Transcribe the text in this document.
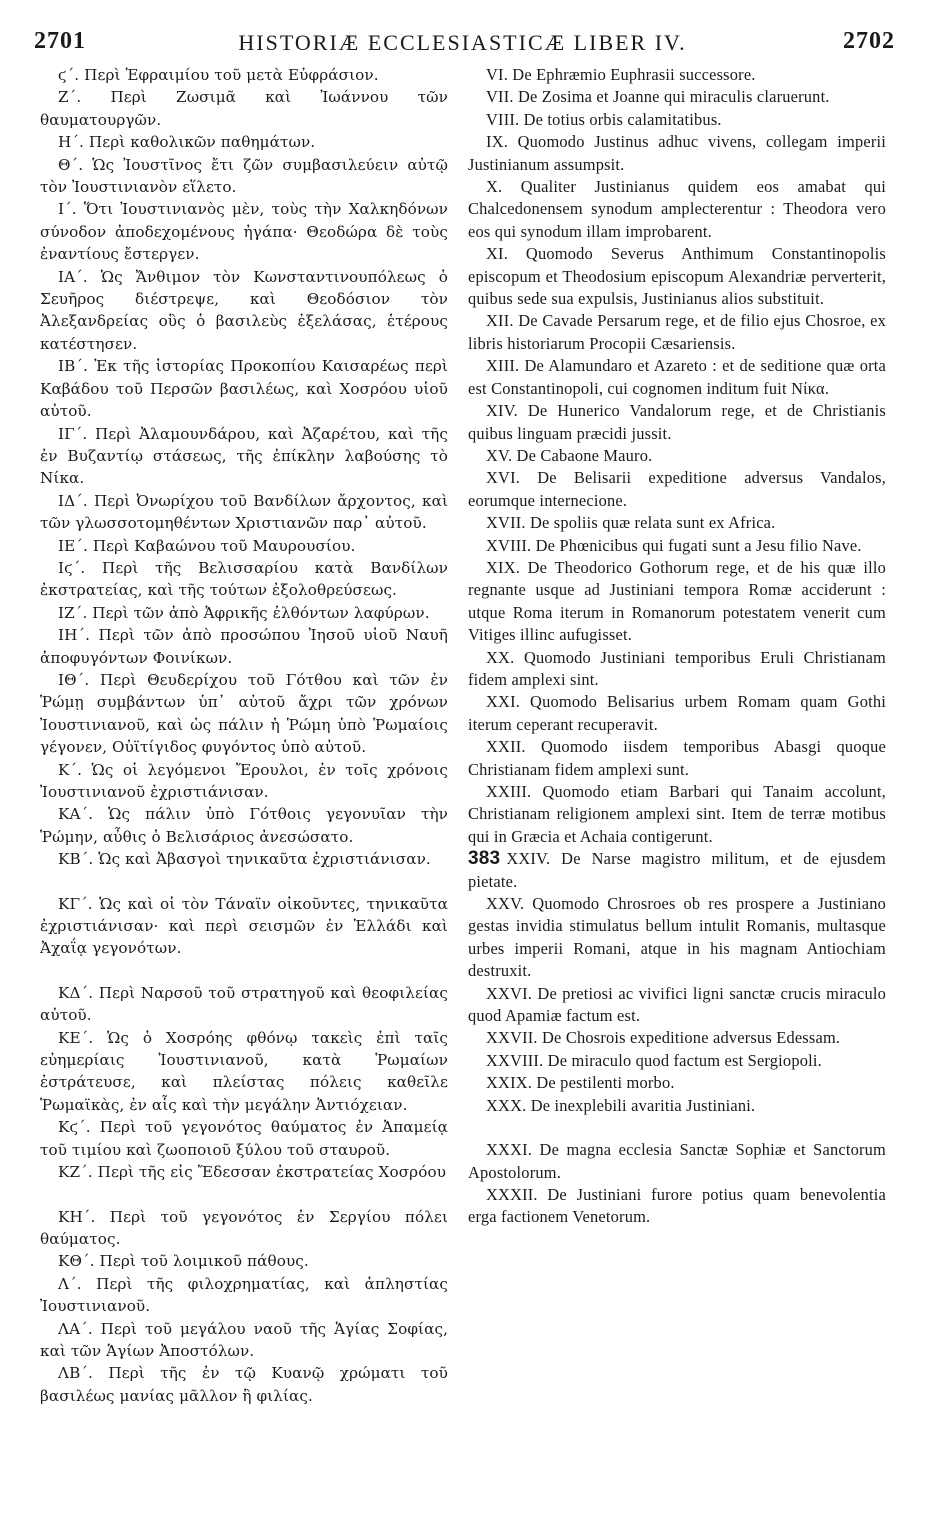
2701	HISTORIÆ ECCLESIASTICÆ LIBER IV.	2702

ϛ΄. Περὶ Ἐφραιμίου τοῦ μετὰ Εὐφράσιον.

Ζ΄. Περὶ Ζωσιμᾶ καὶ Ἰωάννου τῶν θαυματουργῶν.

Η΄. Περὶ καθολικῶν παθημάτων.

Θ΄. Ὡς Ἰουστῖνος ἔτι ζῶν συμβασιλεύειν αὐτῷ τὸν Ἰουστινιανὸν εἵλετο.

Ι΄. Ὅτι Ἰουστινιανὸς μὲν, τοὺς τὴν Χαλκηδόνων σύνοδον ἀποδεχομένους ἠγάπα· Θεοδώρα δὲ τοὺς ἐναντίους ἔστεργεν.

ΙΑ΄. Ὡς Ἄνθιμον τὸν Κωνσταντινουπόλεως ὁ Σευῆρος διέστρεψε, καὶ Θεοδόσιον τὸν Ἀλεξανδρείας οὓς ὁ βασιλεὺς ἐξελάσας, ἑτέρους κατέστησεν.

ΙΒ΄. Ἐκ τῆς ἱστορίας Προκοπίου Καισαρέως περὶ Καβάδου τοῦ Περσῶν βασιλέως, καὶ Χοσρόου υἱοῦ αὐτοῦ.

ΙΓ΄. Περὶ Ἀλαμουνδάρου, καὶ Ἀζαρέτου, καὶ τῆς ἐν Βυζαντίῳ στάσεως, τῆς ἐπίκλην λαβούσης τὸ Νίκα.

ΙΔ΄. Περὶ Ὀνωρίχου τοῦ Βανδίλων ἄρχοντος, καὶ τῶν γλωσσοτομηθέντων Χριστιανῶν παρ᾽ αὐτοῦ.

ΙΕ΄. Περὶ Καβαώνου τοῦ Μαυρουσίου.

Ιϛ΄. Περὶ τῆς Βελισσαρίου κατὰ Βανδίλων ἐκστρατείας, καὶ τῆς τούτων ἐξολοθρεύσεως.

ΙΖ΄. Περὶ τῶν ἀπὸ Ἀφρικῆς ἐλθόντων λαφύρων.

ΙΗ΄. Περὶ τῶν ἀπὸ προσώπου Ἰησοῦ υἱοῦ Ναυῆ ἀποφυγόντων Φοινίκων.

ΙΘ΄. Περὶ Θευδερίχου τοῦ Γότθου καὶ τῶν ἐν Ῥώμῃ συμβάντων ὑπ᾽ αὐτοῦ ἄχρι τῶν χρόνων Ἰουστινιανοῦ, καὶ ὡς πάλιν ἡ Ῥώμη ὑπὸ Ῥωμαίοις γέγονεν, Οὐϊτίγιδος φυγόντος ὑπὸ αὐτοῦ.

Κ΄. Ὡς οἱ λεγόμενοι Ἔρουλοι, ἐν τοῖς χρόνοις Ἰουστινιανοῦ ἐχριστιάνισαν.

ΚΑ΄. Ὡς πάλιν ὑπὸ Γότθοις γεγονυῖαν τὴν Ῥώμην, αὖθις ὁ Βελισάριος ἀνεσώσατο.

ΚΒ΄. Ὡς καὶ Ἀβασγοὶ τηνικαῦτα ἐχριστιάνισαν.

ΚΓ΄. Ὡς καὶ οἱ τὸν Τάναϊν οἰκοῦντες, τηνικαῦτα ἐχριστιάνισαν· καὶ περὶ σεισμῶν ἐν Ἑλλάδι καὶ Ἀχαΐᾳ γεγονότων.

ΚΔ΄. Περὶ Ναρσοῦ τοῦ στρατηγοῦ καὶ θεοφιλείας αὐτοῦ.

ΚΕ΄. Ὡς ὁ Χοσρόης φθόνῳ τακεὶς ἐπὶ ταῖς εὐημερίαις Ἰουστινιανοῦ, κατὰ Ῥωμαίων ἐστράτευσε, καὶ πλείστας πόλεις καθεῖλε Ῥωμαϊκὰς, ἐν αἷς καὶ τὴν μεγάλην Ἀντιόχειαν.

Κϛ΄. Περὶ τοῦ γεγονότος θαύματος ἐν Ἀπαμείᾳ τοῦ τιμίου καὶ ζωοποιοῦ ξύλου τοῦ σταυροῦ.

ΚΖ΄. Περὶ τῆς εἰς Ἔδεσσαν ἐκστρατείας Χοσρόου

ΚΗ΄. Περὶ τοῦ γεγονότος ἐν Σεργίου πόλει θαύματος.

ΚΘ΄. Περὶ τοῦ λοιμικοῦ πάθους.

Λ΄. Περὶ τῆς φιλοχρηματίας, καὶ ἀπληστίας Ἰουστινιανοῦ.

ΛΑ΄. Περὶ τοῦ μεγάλου ναοῦ τῆς Ἁγίας Σοφίας, καὶ τῶν Ἁγίων Ἀποστόλων.

ΛΒ΄. Περὶ τῆς ἐν τῷ Κυανῷ χρώματι τοῦ βασιλέως μανίας μᾶλλον ἢ φιλίας.

VI. De Ephræmio Euphrasii successore.

VII. De Zosima et Joanne qui miraculis claruerunt.

VIII. De totius orbis calamitatibus.

IX. Quomodo Justinus adhuc vivens, collegam imperii Justinianum assumpsit.

X. Qualiter Justinianus quidem eos amabat qui Chalcedonensem synodum amplecterentur : Theodora vero eos qui synodum illam improbarent.

XI. Quomodo Severus Anthimum Constantinopolis episcopum et Theodosium episcopum Alexandriæ perverterit, quibus sede sua expulsis, Justinianus alios substituit.

XII. De Cavade Persarum rege, et de filio ejus Chosroe, ex libris historiarum Procopii Cæsariensis.

XIII. De Alamundaro et Azareto : et de seditione quæ orta est Constantinopoli, cui cognomen inditum fuit Νίκα.

XIV. De Hunerico Vandalorum rege, et de Christianis quibus linguam præcidi jussit.

XV. De Cabaone Mauro.

XVI. De Belisarii expeditione adversus Vandalos, eorumque internecione.

XVII. De spoliis quæ relata sunt ex Africa.

XVIII. De Phœnicibus qui fugati sunt a Jesu filio Nave.

XIX. De Theodorico Gothorum rege, et de his quæ illo regnante usque ad Justiniani tempora Romæ acciderunt : utque Roma iterum in Romanorum potestatem venerit cum Vitiges illinc aufugisset.

XX. Quomodo Justiniani temporibus Eruli Christianam fidem amplexi sint.

XXI. Quomodo Belisarius urbem Romam quam Gothi iterum ceperant recuperavit.

XXII. Quomodo iisdem temporibus Abasgi quoque Christianam fidem amplexi sunt.

XXIII. Quomodo etiam Barbari qui Tanaim accolunt, Christianam religionem amplexi sint. Item de terræ motibus qui in Græcia et Achaia contigerunt.

383 XXIV. De Narse magistro militum, et de ejusdem pietate.

XXV. Quomodo Chrosroes ob res prospere a Justiniano gestas invidia stimulatus bellum intulit Romanis, multasque urbes imperii Romani, atque in his magnam Antiochiam destruxit.

XXVI. De pretiosi ac vivifici ligni sanctæ crucis miraculo quod Apamiæ factum est.

XXVII. De Chosrois expeditione adversus Edessam.

XXVIII. De miraculo quod factum est Sergiopoli.

XXIX. De pestilenti morbo.

XXX. De inexplebili avaritia Justiniani.

XXXI. De magna ecclesia Sanctæ Sophiæ et Sanctorum Apostolorum.

XXXII. De Justiniani furore potius quam benevolentia erga factionem Venetorum.
